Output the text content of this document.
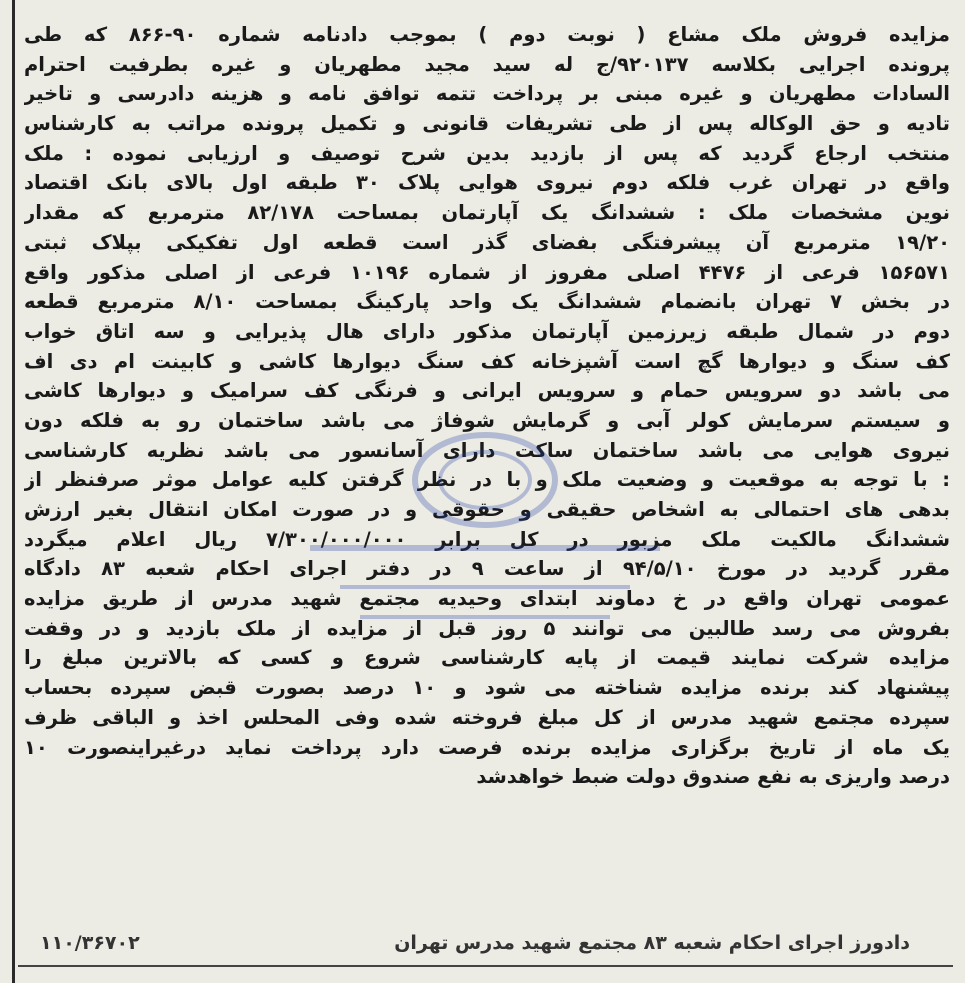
مزایده فروش ملک مشاع ( نوبت دوم ) بموجب دادنامه شماره ۹۰-۸۶۶ که طی
پرونده اجرایی بکلاسه ۹۲۰۱۳۷/ج له سید مجید مطهریان و غیره بطرفیت احترام
السادات مطهریان و غیره مبنی بر پرداخت تتمه توافق نامه و هزینه دادرسی و تاخیر
تادیه و حق الوکاله پس از طی تشریفات قانونی و تکمیل پرونده مراتب به کارشناس
منتخب ارجاع گردید که پس از بازدید بدین شرح توصیف و ارزیابی نموده : ملک
واقع در تهران غرب فلکه دوم نیروی هوایی پلاک ۳۰ طبقه اول بالای بانک اقتصاد
نوین مشخصات ملک : ششدانگ یک آپارتمان بمساحت ۸۲/۱۷۸ مترمربع که مقدار
۱۹/۲۰ مترمربع آن پیشرفتگی بفضای گذر است قطعه اول تفکیکی بپلاک ثبتی
۱۵۶۵۷۱ فرعی از ۴۴۷۶ اصلی مفروز از شماره ۱۰۱۹۶ فرعی از اصلی مذکور واقع
در بخش ۷ تهران بانضمام ششدانگ یک واحد پارکینگ بمساحت ۸/۱۰ مترمربع قطعه
دوم در شمال طبقه زیرزمین آپارتمان مذکور دارای هال پذیرایی و سه اتاق خواب
کف سنگ و دیوارها گچ است آشپزخانه کف سنگ دیوارها کاشی و کابینت ام دی اف
می باشد دو سرویس حمام و سرویس ایرانی و فرنگی کف سرامیک و دیوارها کاشی
و سیستم سرمایش کولر آبی و گرمایش شوفاژ می باشد ساختمان رو به فلکه دون
نیروی هوایی می باشد ساختمان ساکت دارای آسانسور می باشد نظریه کارشناسی
: با توجه به موقعیت و وضعیت ملک و با در نظر گرفتن کلیه عوامل موثر صرفنظر از
بدهی های احتمالی به اشخاص حقیقی و حقوقی و در صورت امکان انتقال بغیر ارزش
ششدانگ مالکیت ملک مزبور در کل برابر ۷/۳۰۰/۰۰۰/۰۰۰ ریال اعلام میگردد
مقرر گردید در مورخ ۹۴/۵/۱۰ از ساعت ۹ در دفتر اجرای احکام شعبه ۸۳ دادگاه
عمومی تهران واقع در خ دماوند ابتدای وحیدیه مجتمع شهید مدرس از طریق مزایده
بفروش می رسد طالبین می توانند ۵ روز قبل از مزایده از ملک بازدید و در وقفت
مزایده شرکت نمایند قیمت از پایه کارشناسی شروع و کسی که بالاترین مبلغ را
پیشنهاد کند برنده مزایده شناخته می شود و ۱۰ درصد بصورت قبض سپرده بحساب
سپرده مجتمع شهید مدرس از کل مبلغ فروخته شده وفی المحلس اخذ و الباقی ظرف
یک ماه از تاریخ برگزاری مزایده برنده فرصت دارد پرداخت نماید درغیراینصورت ۱۰
درصد واریزی به نفع صندوق دولت ضبط خواهدشد
دادورز اجرای احکام شعبه ۸۳ مجتمع شهید مدرس تهران
۱۱۰/۳۶۷۰۲
